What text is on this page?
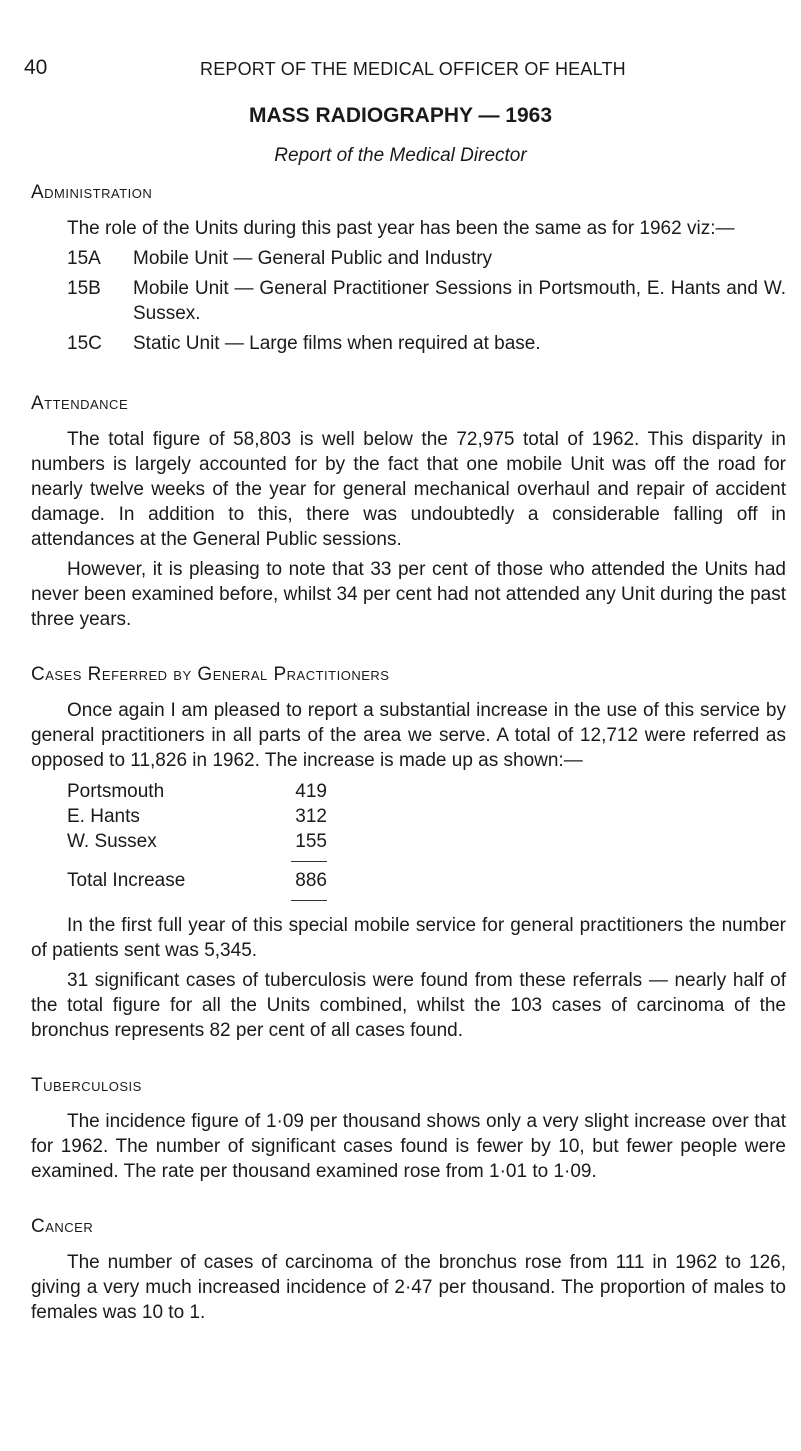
40	REPORT OF THE MEDICAL OFFICER OF HEALTH
MASS RADIOGRAPHY — 1963
Report of the Medical Director
Administration

The role of the Units during this past year has been the same as for 1962 viz:—

15A	Mobile Unit — General Public and Industry
15B	Mobile Unit — General Practitioner Sessions in Portsmouth, E. Hants and W. Sussex.
15C	Static Unit — Large films when required at base.
Attendance

The total figure of 58,803 is well below the 72,975 total of 1962. This disparity in numbers is largely accounted for by the fact that one mobile Unit was off the road for nearly twelve weeks of the year for general mechanical overhaul and repair of accident damage. In addition to this, there was undoubtedly a considerable falling off in attendances at the General Public sessions.

However, it is pleasing to note that 33 per cent of those who attended the Units had never been examined before, whilst 34 per cent had not attended any Unit during the past three years.

Cases Referred by General Practitioners

Once again I am pleased to report a substantial increase in the use of this service by general practitioners in all parts of the area we serve. A total of 12,712 were referred as opposed to 11,826 in 1962. The increase is made up as shown:—

Portsmouth	419
E. Hants	312
W. Sussex	155
Total Increase	886

In the first full year of this special mobile service for general practitioners the number of patients sent was 5,345.

31 significant cases of tuberculosis were found from these referrals — nearly half of the total figure for all the Units combined, whilst the 103 cases of carcinoma of the bronchus represents 82 per cent of all cases found.

Tuberculosis

The incidence figure of 1·09 per thousand shows only a very slight increase over that for 1962. The number of significant cases found is fewer by 10, but fewer people were examined. The rate per thousand examined rose from 1·01 to 1·09.

Cancer

The number of cases of carcinoma of the bronchus rose from 111 in 1962 to 126, giving a very much increased incidence of 2·47 per thousand. The proportion of males to females was 10 to 1.
